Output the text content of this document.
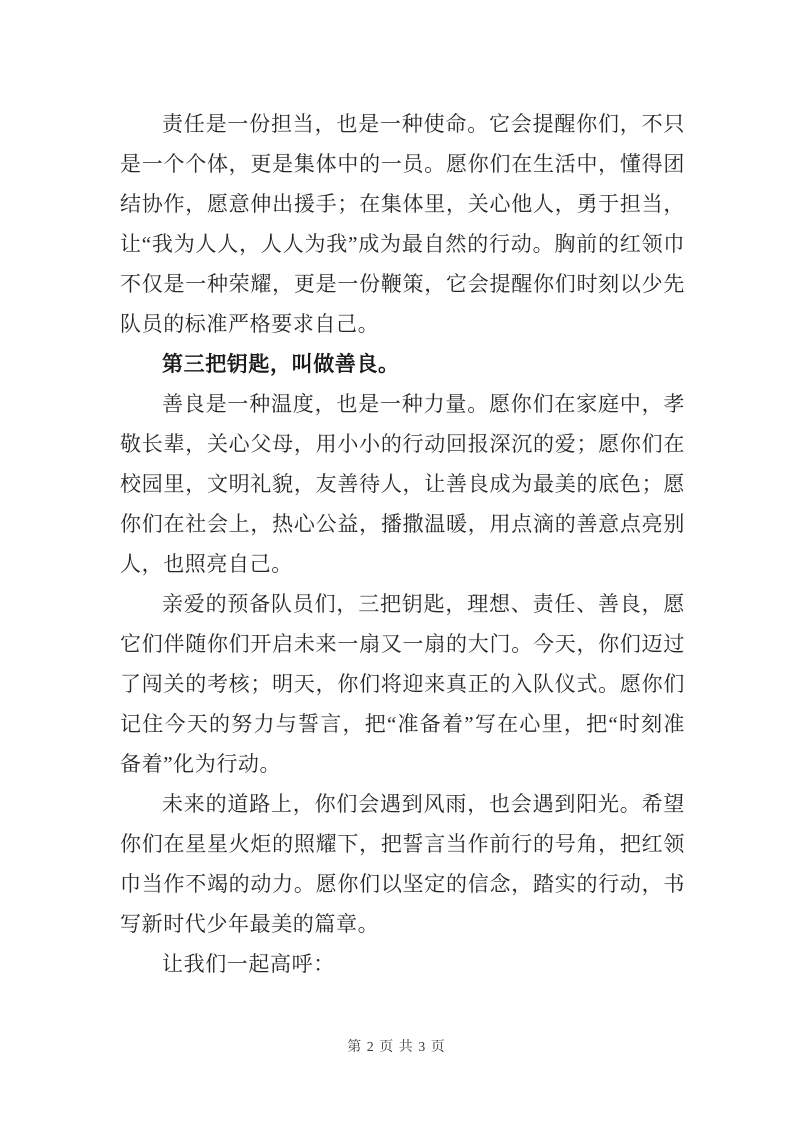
责任是一份担当，也是一种使命。它会提醒你们，不只是一个个体，更是集体中的一员。愿你们在生活中，懂得团结协作，愿意伸出援手；在集体里，关心他人，勇于担当，让“我为人人，人人为我”成为最自然的行动。胸前的红领巾不仅是一种荣耀，更是一份鞭策，它会提醒你们时刻以少先队员的标准严格要求自己。

第三把钥匙，叫做善良。

善良是一种温度，也是一种力量。愿你们在家庭中，孝敬长辈，关心父母，用小小的行动回报深沉的爱；愿你们在校园里，文明礼貌，友善待人，让善良成为最美的底色；愿你们在社会上，热心公益，播撒温暖，用点滴的善意点亮别人，也照亮自己。

亲爱的预备队员们，三把钥匙，理想、责任、善良，愿它们伴随你们开启未来一扇又一扇的大门。今天，你们迈过了闯关的考核；明天，你们将迎来真正的入队仪式。愿你们记住今天的努力与誓言，把“准备着”写在心里，把“时刻准备着”化为行动。

未来的道路上，你们会遇到风雨，也会遇到阳光。希望你们在星星火炬的照耀下，把誓言当作前行的号角，把红领巾当作不竭的动力。愿你们以坚定的信念，踏实的行动，书写新时代少年最美的篇章。

让我们一起高呼：

第 2 页 共 3 页
